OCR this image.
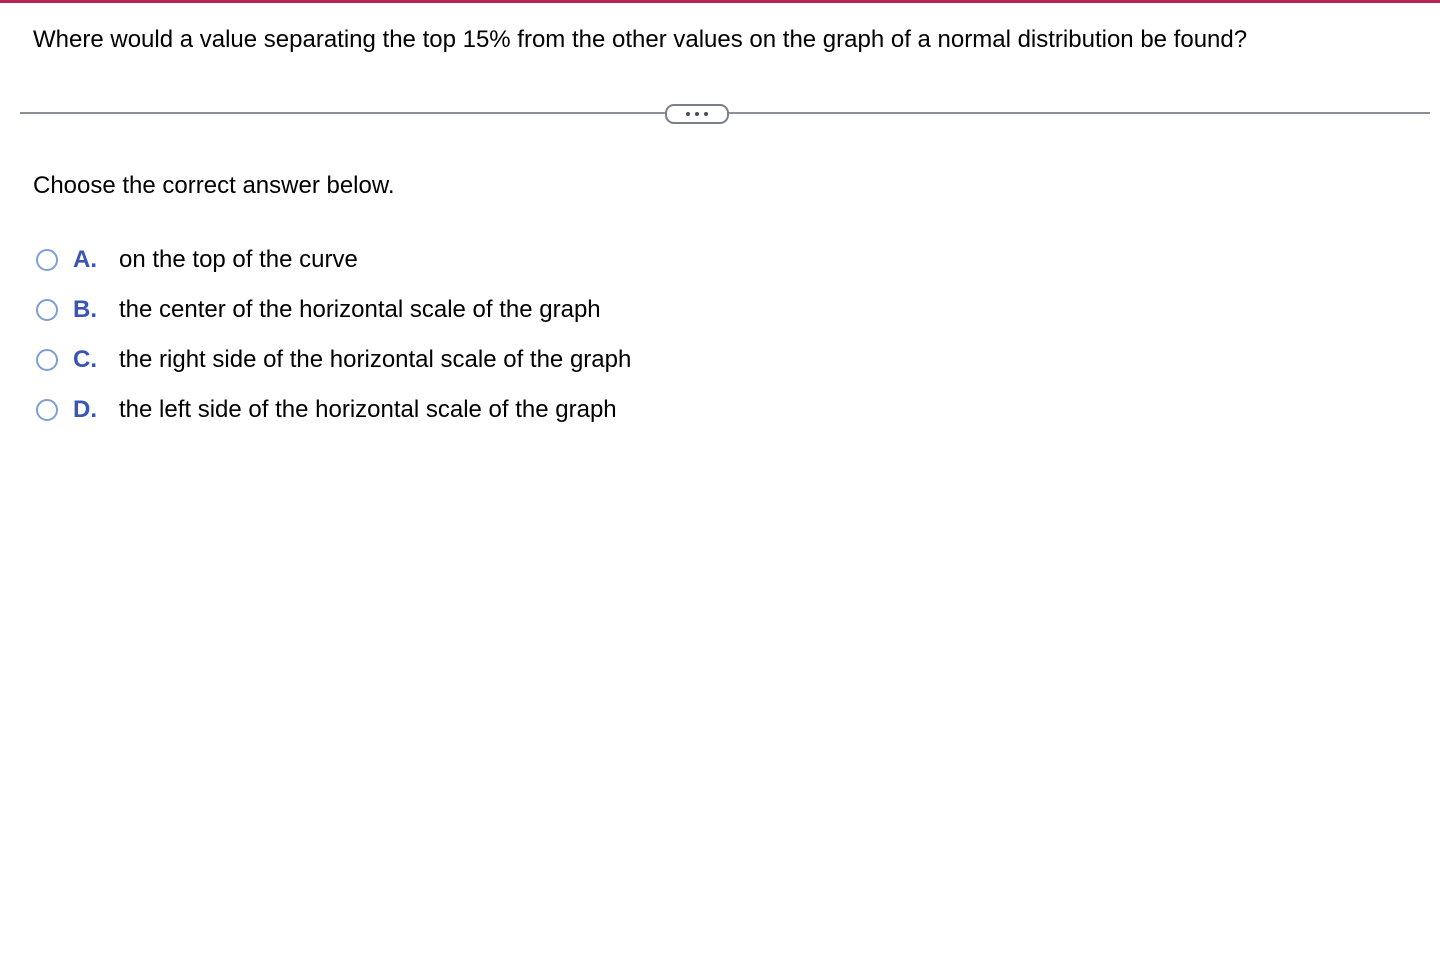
Where would a value separating the top 15% from the other values on the graph of a normal distribution be found?
Choose the correct answer below.
A. on the top of the curve
B. the center of the horizontal scale of the graph
C. the right side of the horizontal scale of the graph
D. the left side of the horizontal scale of the graph
